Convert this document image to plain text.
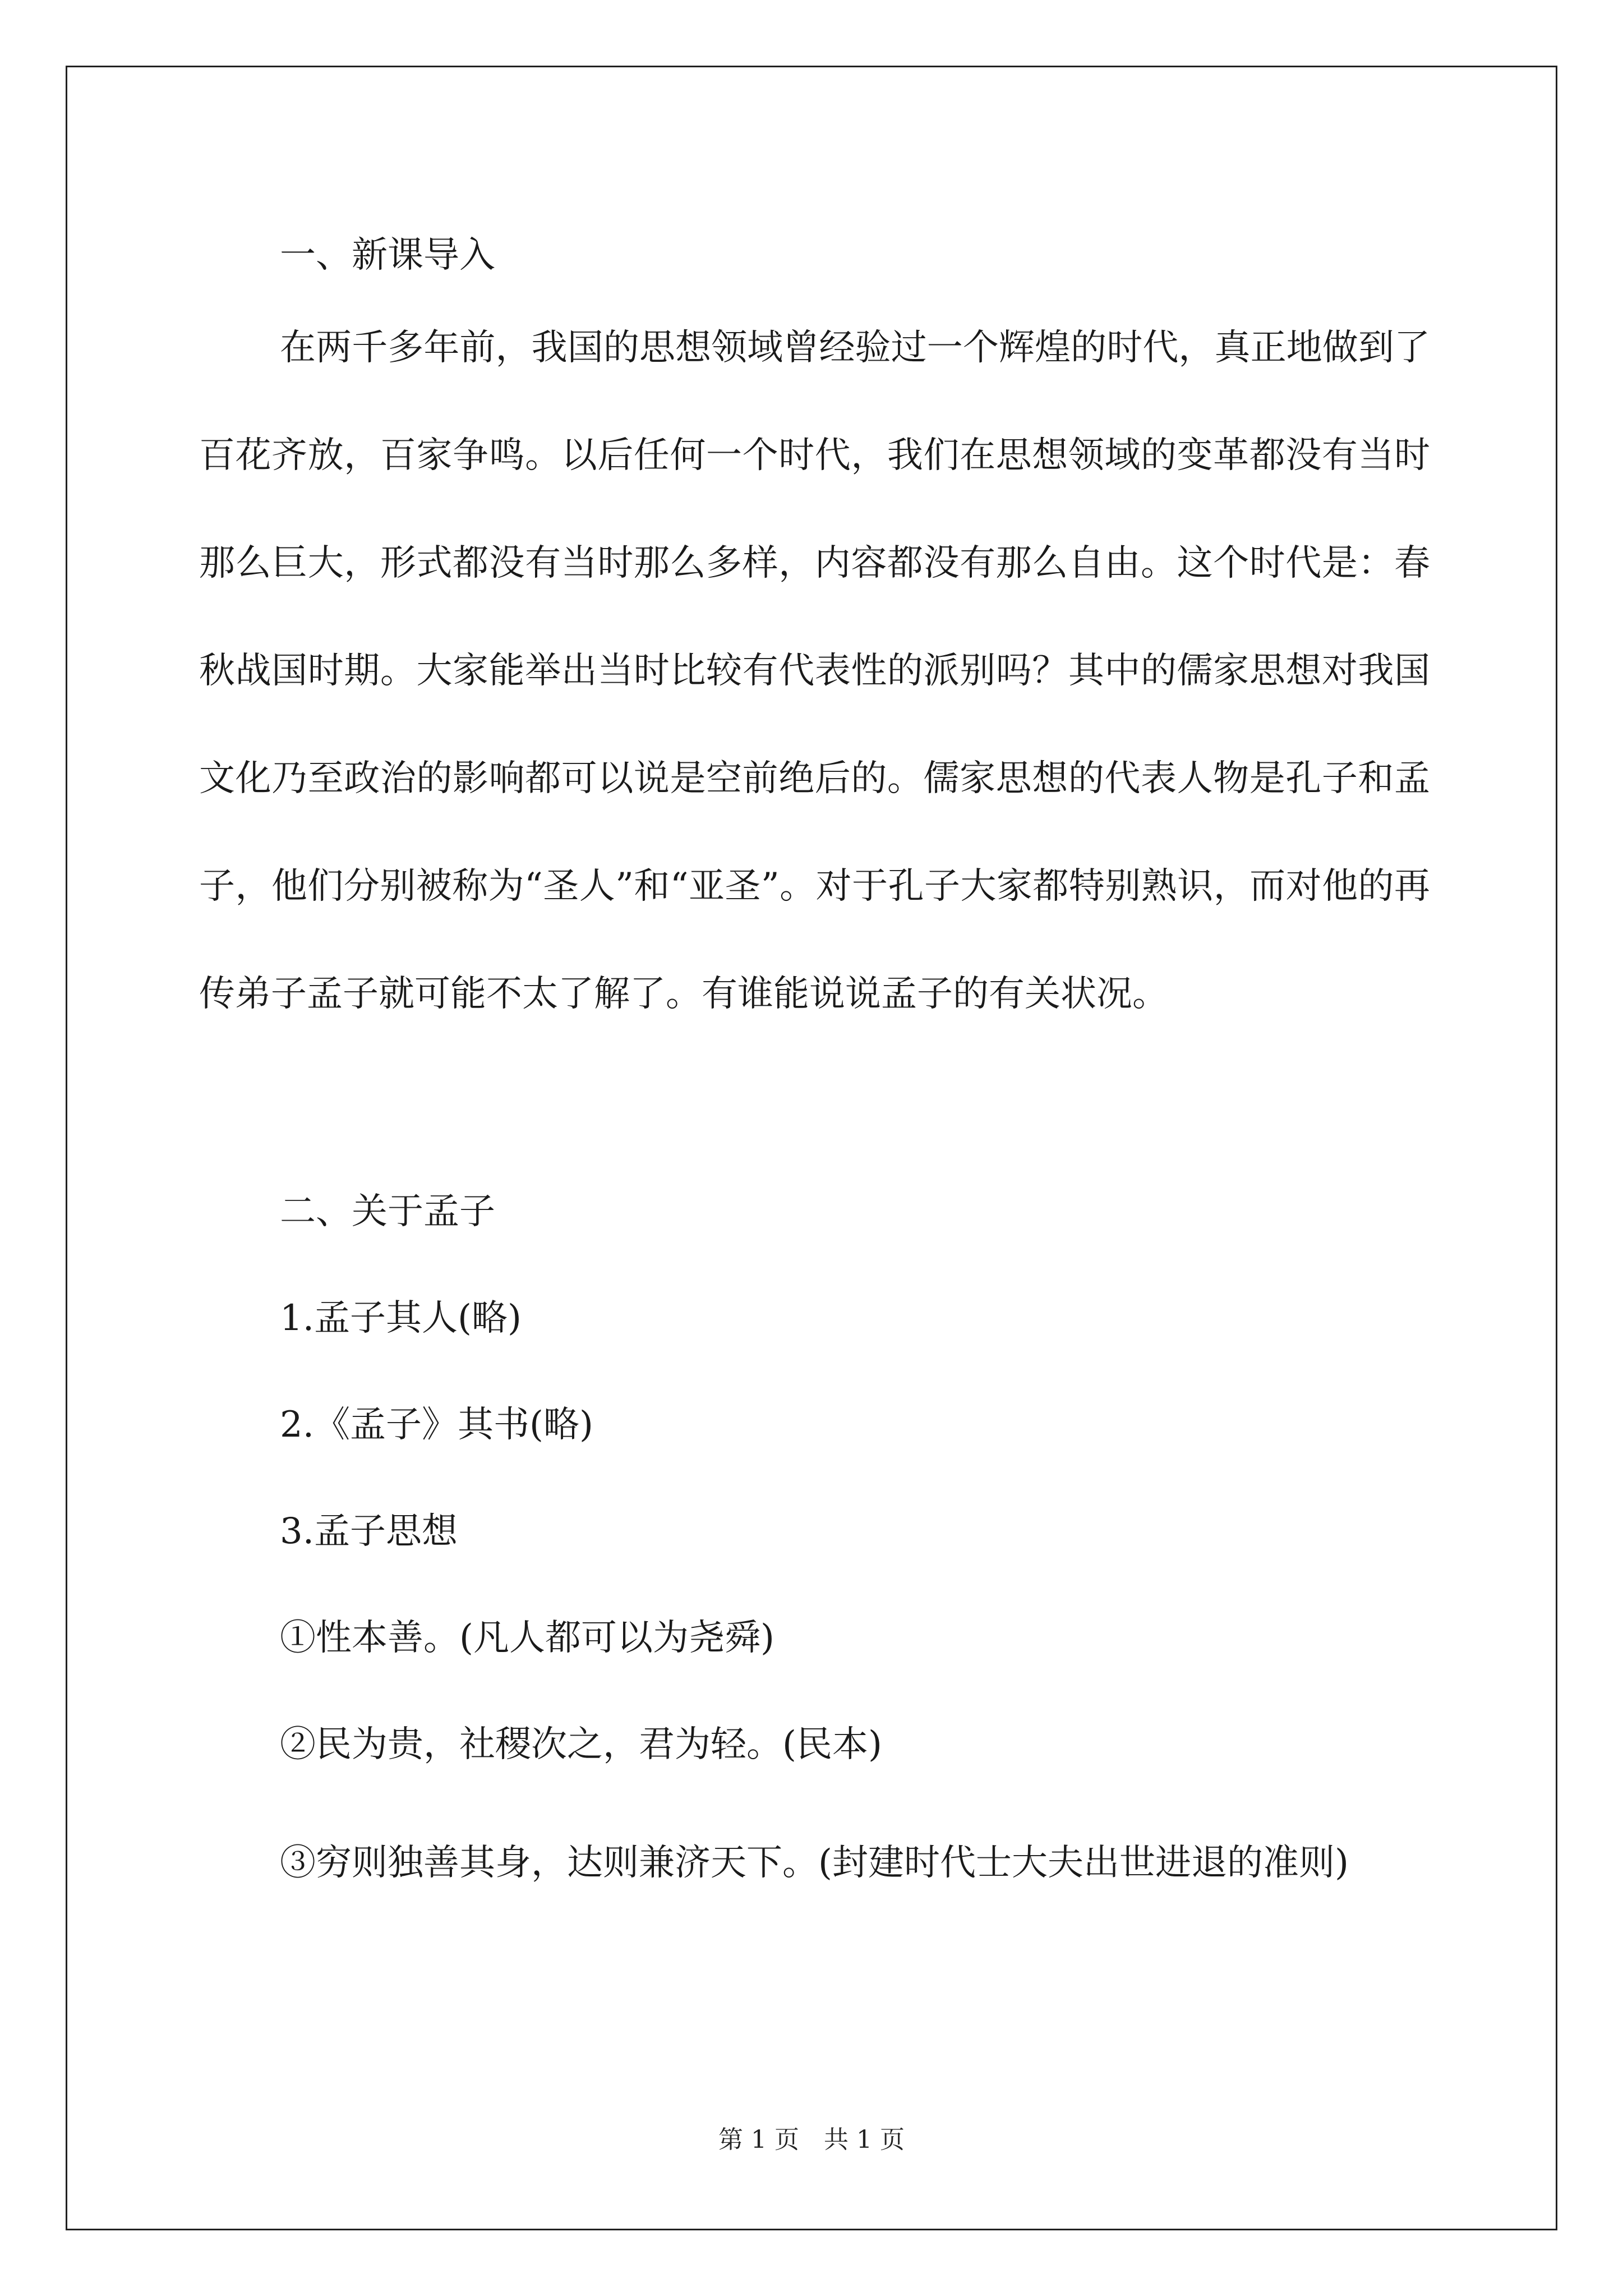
一、新课导入

在两千多年前，我国的思想领域曾经验过一个辉煌的时代，真正地做到了百花齐放，百家争鸣。以后任何一个时代，我们在思想领域的变革都没有当时那么巨大，形式都没有当时那么多样，内容都没有那么自由。这个时代是：春秋战国时期。大家能举出当时比较有代表性的派别吗？其中的儒家思想对我国文化乃至政治的影响都可以说是空前绝后的。儒家思想的代表人物是孔子和孟子，他们分别被称为“圣人”和“亚圣”。对于孔子大家都特别熟识，而对他的再传弟子孟子就可能不太了解了。有谁能说说孟子的有关状况。

二、关于孟子
1.孟子其人(略)
2.《孟子》其书(略)
3.孟子思想
①性本善。(凡人都可以为尧舜)
②民为贵，社稷次之，君为轻。(民本)

③穷则独善其身，达则兼济天下。(封建时代士大夫出世进退的准则)

第 1 页　共 1 页
